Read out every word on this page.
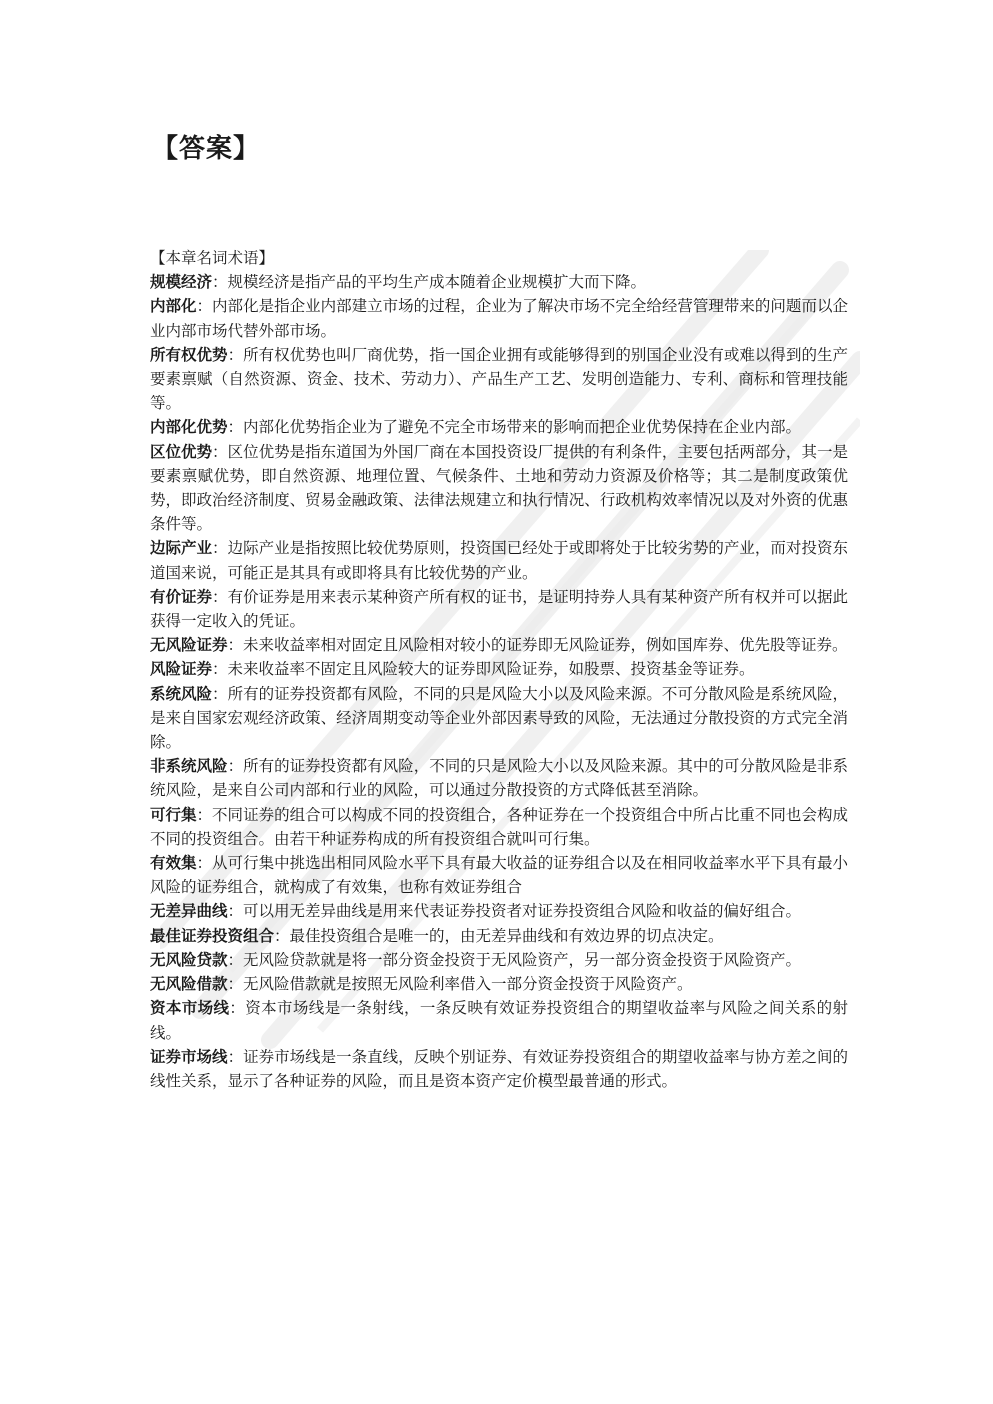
【答案】

【本章名词术语】

规模经济：规模经济是指产品的平均生产成本随着企业规模扩大而下降。

内部化：内部化是指企业内部建立市场的过程，企业为了解决市场不完全给经营管理带来的问题而以企业内部市场代替外部市场。

所有权优势：所有权优势也叫厂商优势，指一国企业拥有或能够得到的别国企业没有或难以得到的生产要素禀赋（自然资源、资金、技术、劳动力）、产品生产工艺、发明创造能力、专利、商标和管理技能等。

内部化优势：内部化优势指企业为了避免不完全市场带来的影响而把企业优势保持在企业内部。

区位优势：区位优势是指东道国为外国厂商在本国投资设厂提供的有利条件，主要包括两部分，其一是要素禀赋优势，即自然资源、地理位置、气候条件、土地和劳动力资源及价格等；其二是制度政策优势，即政治经济制度、贸易金融政策、法律法规建立和执行情况、行政机构效率情况以及对外资的优惠条件等。

边际产业：边际产业是指按照比较优势原则，投资国已经处于或即将处于比较劣势的产业，而对投资东道国来说，可能正是其具有或即将具有比较优势的产业。

有价证券：有价证券是用来表示某种资产所有权的证书，是证明持券人具有某种资产所有权并可以据此获得一定收入的凭证。

无风险证券：未来收益率相对固定且风险相对较小的证券即无风险证券，例如国库券、优先股等证券。

风险证券：未来收益率不固定且风险较大的证券即风险证券，如股票、投资基金等证券。

系统风险：所有的证券投资都有风险，不同的只是风险大小以及风险来源。不可分散风险是系统风险，是来自国家宏观经济政策、经济周期变动等企业外部因素导致的风险，无法通过分散投资的方式完全消除。

非系统风险：所有的证券投资都有风险，不同的只是风险大小以及风险来源。其中的可分散风险是非系统风险，是来自公司内部和行业的风险，可以通过分散投资的方式降低甚至消除。

可行集：不同证券的组合可以构成不同的投资组合，各种证券在一个投资组合中所占比重不同也会构成不同的投资组合。由若干种证券构成的所有投资组合就叫可行集。

有效集：从可行集中挑选出相同风险水平下具有最大收益的证券组合以及在相同收益率水平下具有最小风险的证券组合，就构成了有效集，也称有效证券组合

无差异曲线：可以用无差异曲线是用来代表证券投资者对证券投资组合风险和收益的偏好组合。

最佳证券投资组合：最佳投资组合是唯一的，由无差异曲线和有效边界的切点决定。

无风险贷款：无风险贷款就是将一部分资金投资于无风险资产，另一部分资金投资于风险资产。

无风险借款：无风险借款就是按照无风险利率借入一部分资金投资于风险资产。

资本市场线：资本市场线是一条射线，一条反映有效证券投资组合的期望收益率与风险之间关系的射线。

证券市场线：证券市场线是一条直线，反映个别证券、有效证券投资组合的期望收益率与协方差之间的线性关系，显示了各种证券的风险，而且是资本资产定价模型最普通的形式。
